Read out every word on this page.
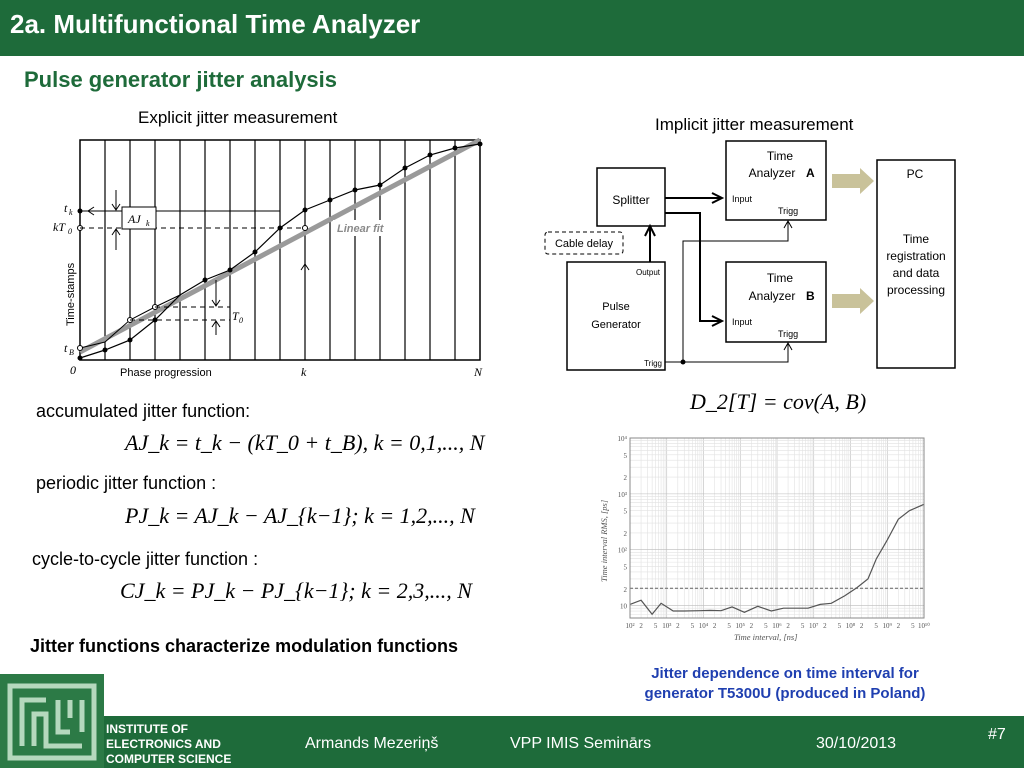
2a. Multifunctional Time Analyzer
Pulse generator jitter analysis
Explicit jitter measurement
AJ k	Linear fit
T 0
t k
kT 0
t B
0	N
k
Phase progression
Time-stamps
Implicit jitter measurement
Splitter
Cable delay
Pulse
Generator
Output
Trigg
Time
Analyzer A
Input
Trigg
Time
Analyzer B
Input
Trigg
PC
Time
registration
and data
processing
D_2[T] = cov(A, B)
accumulated jitter function:
AJ_k = t_k − (kT_0 + t_B), k = 0,1,..., N
periodic jitter function :
PJ_k = AJ_k − AJ_{k−1}; k = 1,2,..., N
cycle-to-cycle jitter function :
CJ_k = PJ_k − PJ_{k−1}; k = 2,3,..., N
Jitter functions characterize modulation functions
10
2
5
10²
2
5
10³
2
5
10⁴
10² 2 5 10³ 2 5 10⁴ 2 5 10⁵ 2 5 10⁶ 2 5 10⁷ 2 5 10⁸ 2 5 10⁹ 2 5 10¹⁰
Time interval RMS, [ps]
Time interval, [ns]
Jitter dependence on time interval for
generator T5300U (produced in Poland)
INSTITUTE OF
ELECTRONICS AND
COMPUTER SCIENCE
Armands Mezeriņš	VPP IMIS Seminārs	30/10/2013
#7
